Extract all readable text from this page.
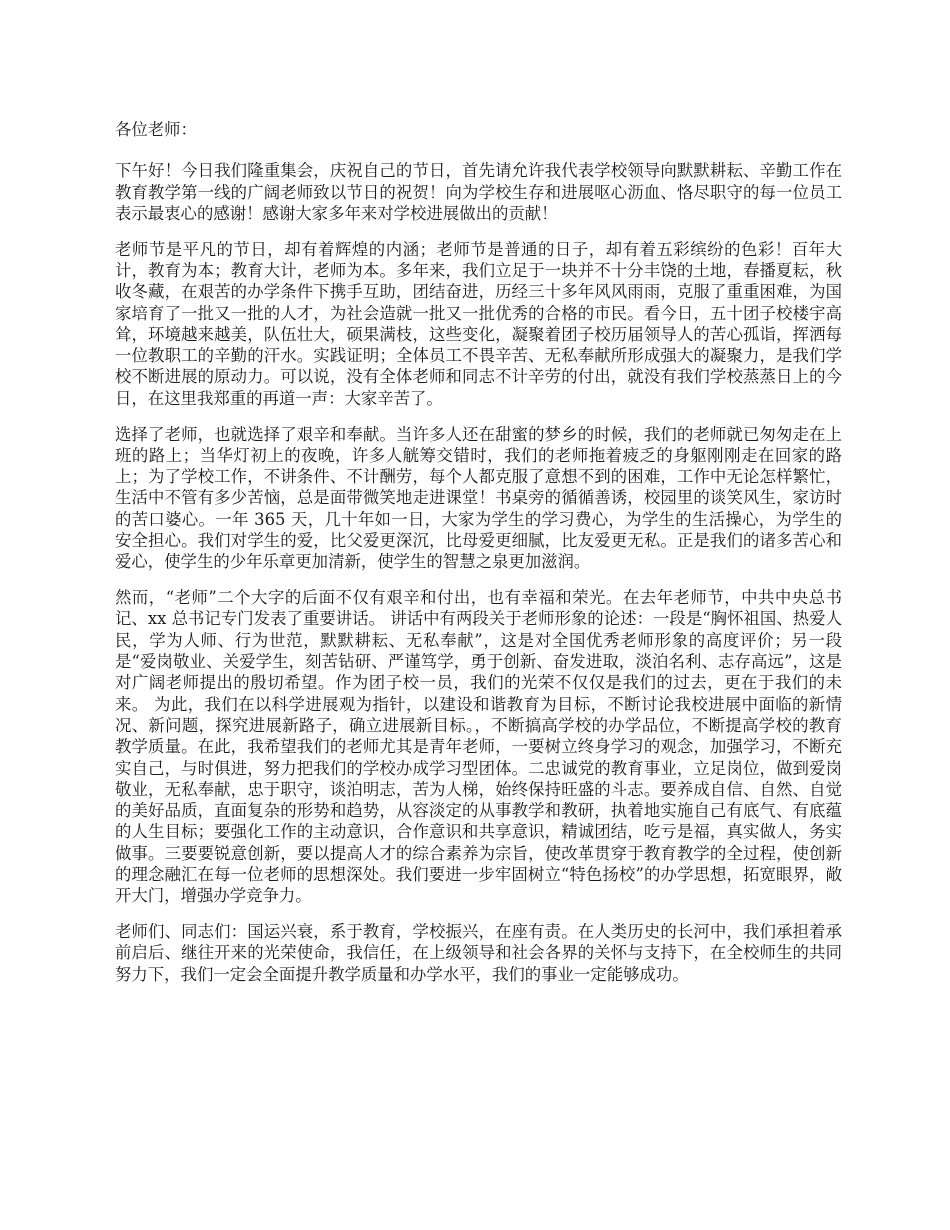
各位老师：

下午好！今日我们隆重集会，庆祝自己的节日，首先请允许我代表学校领导向默默耕耘、辛勤工作在教育教学第一线的广阔老师致以节日的祝贺！向为学校生存和进展呕心沥血、恪尽职守的每一位员工表示最衷心的感谢！感谢大家多年来对学校进展做出的贡献！

老师节是平凡的节日，却有着辉煌的内涵；老师节是普通的日子，却有着五彩缤纷的色彩！百年大计，教育为本；教育大计，老师为本。多年来，我们立足于一块并不十分丰饶的土地，春播夏耘，秋收冬藏，在艰苦的办学条件下携手互助，团结奋进，历经三十多年风风雨雨，克服了重重困难，为国家培育了一批又一批的人才，为社会造就一批又一批优秀的合格的市民。看今日，五十团子校楼宇高耸，环境越来越美，队伍壮大，硕果满枝，这些变化，凝聚着团子校历届领导人的苦心孤诣，挥洒每一位教职工的辛勤的汗水。实践证明；全体员工不畏辛苦、无私奉献所形成强大的凝聚力，是我们学校不断进展的原动力。可以说，没有全体老师和同志不计辛劳的付出，就没有我们学校蒸蒸日上的今日，在这里我郑重的再道一声：大家辛苦了。

选择了老师，也就选择了艰辛和奉献。当许多人还在甜蜜的梦乡的时候，我们的老师就已匆匆走在上班的路上；当华灯初上的夜晚，许多人觥筹交错时，我们的老师拖着疲乏的身躯刚刚走在回家的路上；为了学校工作，不讲条件、不计酬劳，每个人都克服了意想不到的困难，工作中无论怎样繁忙，生活中不管有多少苦恼，总是面带微笑地走进课堂！书桌旁的循循善诱，校园里的谈笑风生，家访时的苦口婆心。一年 365 天，几十年如一日，大家为学生的学习费心，为学生的生活操心，为学生的安全担心。我们对学生的爱，比父爱更深沉，比母爱更细腻，比友爱更无私。正是我们的诸多苦心和爱心，使学生的少年乐章更加清新，使学生的智慧之泉更加滋润。

然而，“老师”二个大字的后面不仅有艰辛和付出，也有幸福和荣光。在去年老师节，中共中央总书记、xx 总书记专门发表了重要讲话。 讲话中有两段关于老师形象的论述：一段是“胸怀祖国、热爱人民，学为人师、行为世范，默默耕耘、无私奉献”，这是对全国优秀老师形象的高度评价；另一段是“爱岗敬业、关爱学生，刻苦钻研、严谨笃学，勇于创新、奋发进取，淡泊名利、志存高远”，这是对广阔老师提出的殷切希望。作为团子校一员，我们的光荣不仅仅是我们的过去，更在于我们的未来。 为此，我们在以科学进展观为指针，以建设和谐教育为目标，不断讨论我校进展中面临的新情况、新问题，探究进展新路子，确立进展新目标。，不断搞高学校的办学品位，不断提高学校的教育教学质量。在此，我希望我们的老师尤其是青年老师，一要树立终身学习的观念，加强学习，不断充实自己，与时俱进，努力把我们的学校办成学习型团体。二忠诚党的教育事业，立足岗位，做到爱岗敬业，无私奉献，忠于职守，谈泊明志，苦为人梯，始终保持旺盛的斗志。要养成自信、自然、自觉的美好品质，直面复杂的形势和趋势，从容淡定的从事教学和教研，执着地实施自己有底气、有底蕴的人生目标；要强化工作的主动意识，合作意识和共享意识，精诚团结，吃亏是福，真实做人，务实做事。三要要锐意创新，要以提高人才的综合素养为宗旨，使改革贯穿于教育教学的全过程，使创新的理念融汇在每一位老师的思想深处。我们要进一步牢固树立“特色扬校”的办学思想，拓宽眼界，敞开大门，增强办学竞争力。

老师们、同志们：国运兴衰，系于教育，学校振兴，在座有责。在人类历史的长河中，我们承担着承前启后、继往开来的光荣使命，我信任，在上级领导和社会各界的关怀与支持下，在全校师生的共同努力下，我们一定会全面提升教学质量和办学水平，我们的事业一定能够成功。
